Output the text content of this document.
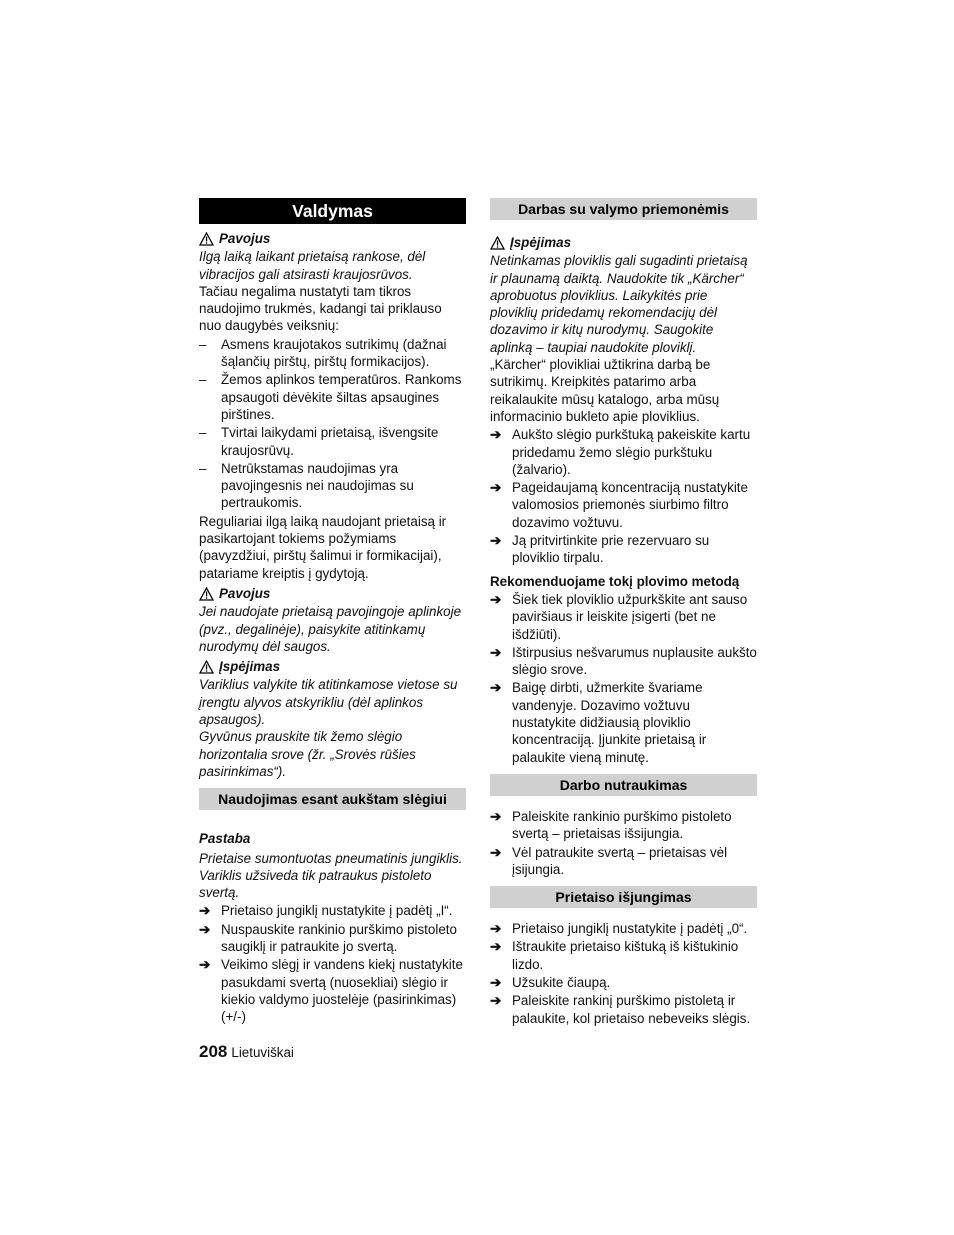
Valdymas
Pavojus

Ilgą laiką laikant prietaisą rankose, dėl vibracijos gali atsirasti kraujosrūvos.

Tačiau negalima nustatyti tam tikros naudojimo trukmės, kadangi tai priklauso nuo daugybės veiksnių:

– Asmens kraujotakos sutrikimų (dažnai šąlančių pirštų, pirštų formikacijos).
– Žemos aplinkos temperatūros. Rankoms apsaugoti dėvėkite šiltas apsaugines pirštines.
– Tvirtai laikydami prietaisą, išvengsite kraujosrūvų.
– Netrūkstamas naudojimas yra pavojingesnis nei naudojimas su pertraukomis.

Reguliariai ilgą laiką naudojant prietaisą ir pasikartojant tokiems požymiams (pavyzdžiui, pirštų šalimui ir formikacijai), patariame kreiptis į gydytoją.

Pavojus

Jei naudojate prietaisą pavojingoje aplinkoje (pvz., degalinėje), paisykite atitinkamų nurodymų dėl saugos.

Įspėjimas

Variklius valykite tik atitinkamose vietose su įrengtu alyvos atskyrikliu (dėl aplinkos apsaugos).

Gyvūnus prauskite tik žemo slėgio horizontalia srove (žr. „Srovės rūšies pasirinkimas“).

Naudojimas esant aukštam slėgiui
Pastaba

Prietaise sumontuotas pneumatinis jungiklis. Variklis užsiveda tik patraukus pistoleto svertą.

➔ Prietaiso jungiklį nustatykite į padėtį „I“.
➔ Nuspauskite rankinio purškimo pistoleto saugiklį ir patraukite jo svertą.
➔ Veikimo slėgį ir vandens kiekį nustatykite pasukdami svertą (nuosekliai) slėgio ir kiekio valdymo juostelėje (pasirinkimas) (+/-)
Darbas su valymo priemonėmis
Įspėjimas

Netinkamas ploviklis gali sugadinti prietaisą ir plaunamą daiktą. Naudokite tik „Kärcher“ aprobuotus ploviklius. Laikykitės prie ploviklių pridedamų rekomendacijų dėl dozavimo ir kitų nurodymų. Saugokite aplinką – taupiai naudokite ploviklį.

„Kärcher“ plovikliai užtikrina darbą be sutrikimų. Kreipkitės patarimo arba reikalaukite mūsų katalogo, arba mūsų informacinio bukleto apie ploviklius.

➔ Aukšto slėgio purkštuką pakeiskite kartu pridedamu žemo slėgio purkštuku (žalvario).
➔ Pageidaujamą koncentraciją nustatykite valomosios priemonės siurbimo filtro dozavimo vožtuvu.
➔ Ją pritvirtinkite prie rezervuaro su ploviklio tirpalu.
Rekomenduojame tokį plovimo metodą
➔ Šiek tiek ploviklio užpurkškite ant sauso paviršiaus ir leiskite įsigerti (bet ne išdžiūti).
➔ Ištirpusius nešvarumus nuplausite aukšto slėgio srove.
➔ Baigę dirbti, užmerkite švariame vandenyje. Dozavimo vožtuvu nustatykite didžiausią ploviklio koncentraciją. Įjunkite prietaisą ir palaukite vieną minutę.
Darbo nutraukimas
➔ Paleiskite rankinio purškimo pistoleto svertą – prietaisas išsijungia.
➔ Vėl patraukite svertą – prietaisas vėl įsijungia.
Prietaiso išjungimas
➔ Prietaiso jungiklį nustatykite į padėtį „0“.
➔ Ištraukite prietaiso kištuką iš kištukinio lizdo.
➔ Užsukite čiaupą.
➔ Paleiskite rankinį purškimo pistoletą ir palaukite, kol prietaiso nebeveiks slėgis.
208 Lietuviškai
